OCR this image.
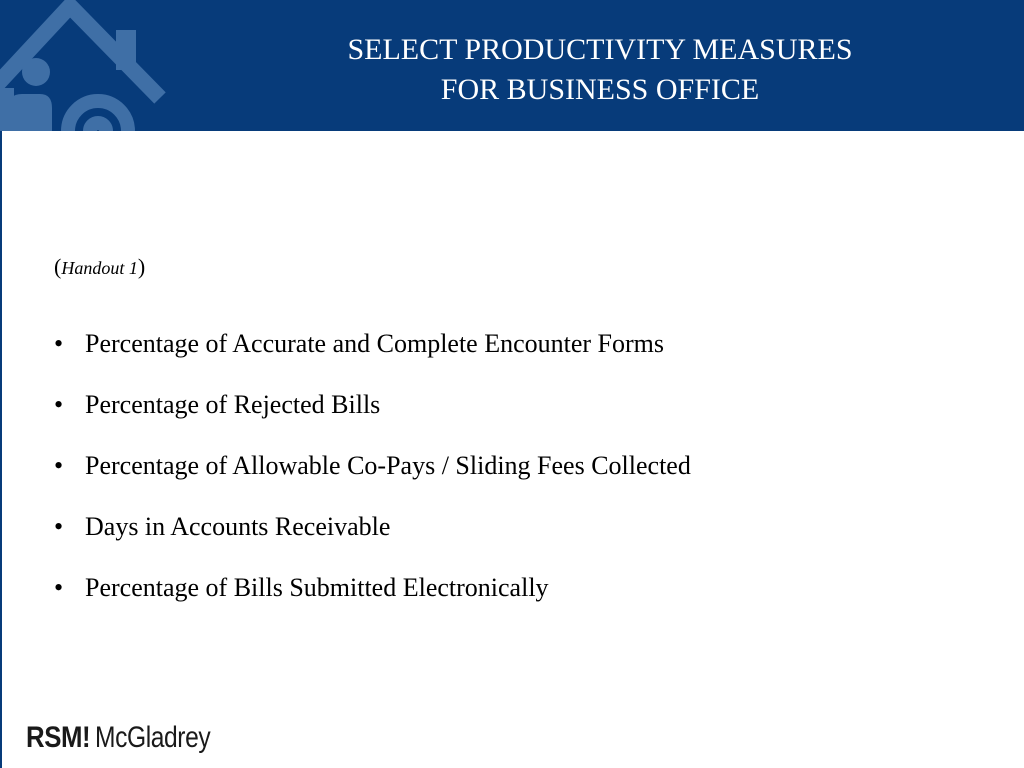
SELECT PRODUCTIVITY MEASURES
FOR BUSINESS OFFICE

(Handout 1)

• Percentage of Accurate and Complete Encounter Forms
• Percentage of Rejected Bills
• Percentage of Allowable Co-Pays / Sliding Fees Collected
• Days in Accounts Receivable
• Percentage of Bills Submitted Electronically
RSM! McGladrey
